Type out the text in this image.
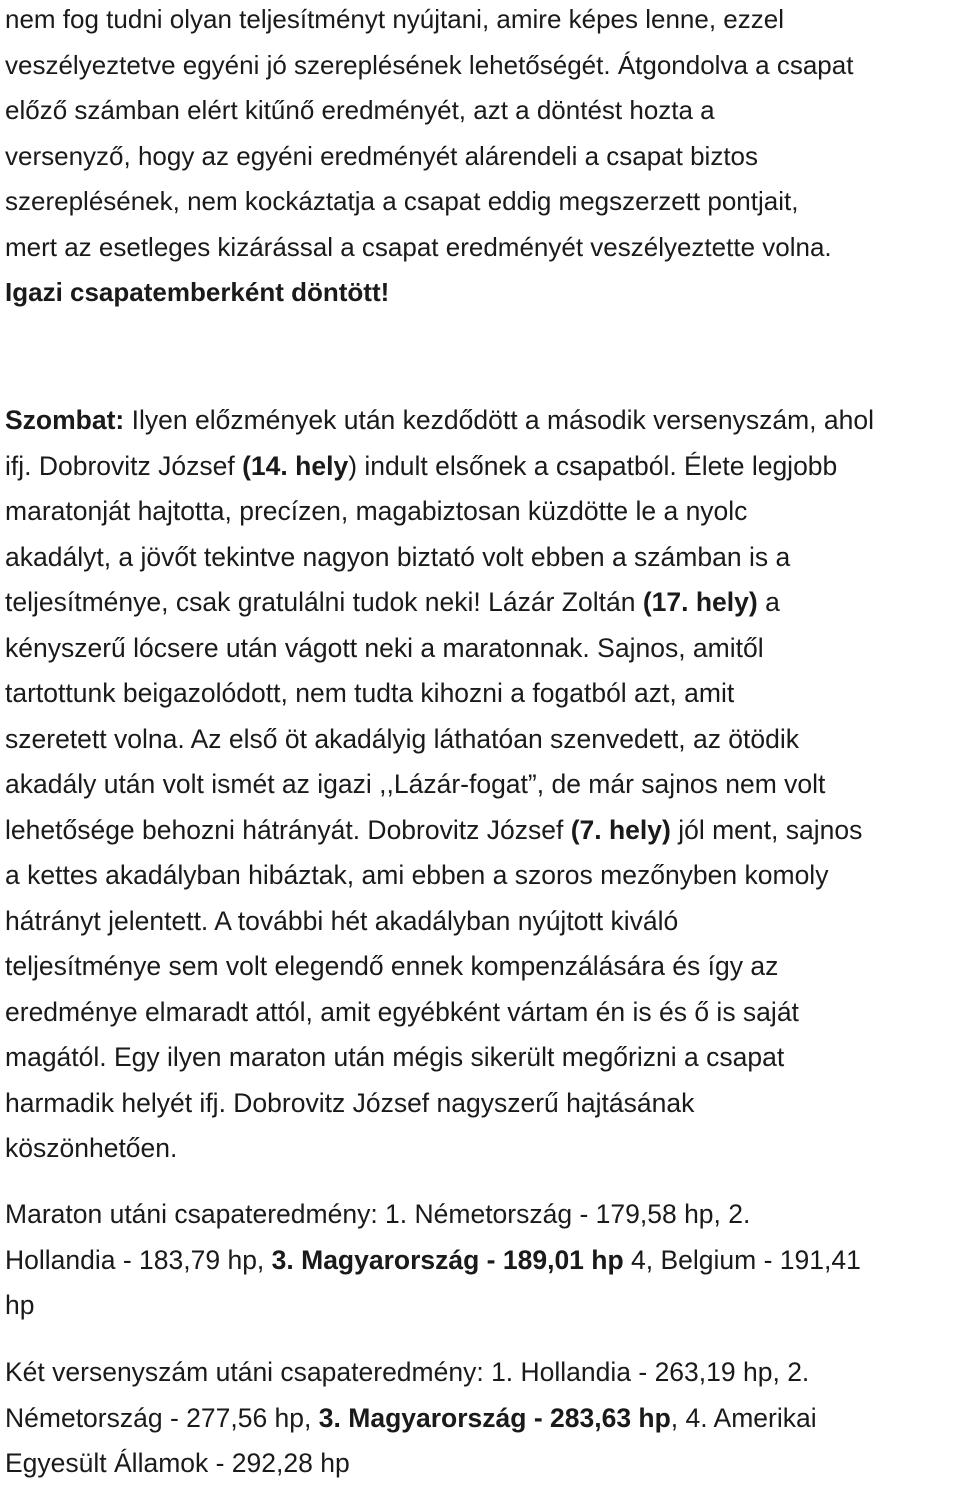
nem fog tudni olyan teljesítményt nyújtani, amire képes lenne, ezzel
veszélyeztetve egyéni jó szereplésének lehetőségét. Átgondolva a csapat
előző számban elért kitűnő eredményét, azt a döntést hozta a
versenyző, hogy az egyéni eredményét alárendeli a csapat biztos
szereplésének, nem kockáztatja a csapat eddig megszerzett pontjait,
mert az esetleges kizárással a csapat eredményét veszélyeztette volna.
Igazi csapatemberként döntött!
Szombat: Ilyen előzmények után kezdődött a második versenyszám, ahol
ifj. Dobrovitz József (14. hely) indult elsőnek a csapatból. Élete legjobb
maratonját hajtotta, precízen, magabiztosan küzdötte le a nyolc
akadályt, a jövőt tekintve nagyon biztató volt ebben a számban is a
teljesítménye, csak gratulálni tudok neki! Lázár Zoltán (17. hely) a
kényszerű lócsere után vágott neki a maratonnak. Sajnos, amitől
tartottunk beigazolódott, nem tudta kihozni a fogatból azt, amit
szeretett volna. Az első öt akadályig láthatóan szenvedett, az ötödik
akadály után volt ismét az igazi ,,Lázár-fogat”, de már sajnos nem volt
lehetősége behozni hátrányát. Dobrovitz József (7. hely) jól ment, sajnos
a kettes akadályban hibáztak, ami ebben a szoros mezőnyben komoly
hátrányt jelentett. A további hét akadályban nyújtott kiváló
teljesítménye sem volt elegendő ennek kompenzálására és így az
eredménye elmaradt attól, amit egyébként vártam én is és ő is saját
magától. Egy ilyen maraton után mégis sikerült megőrizni a csapat
harmadik helyét ifj. Dobrovitz József nagyszerű hajtásának
köszönhetően.
Maraton utáni csapateredmény: 1. Németország - 179,58 hp, 2.
Hollandia - 183,79 hp, 3. Magyarország - 189,01 hp 4, Belgium - 191,41
hp
Két versenyszám utáni csapateredmény: 1. Hollandia - 263,19 hp, 2.
Németország - 277,56 hp, 3. Magyarország - 283,63 hp, 4. Amerikai
Egyesült Államok - 292,28 hp
